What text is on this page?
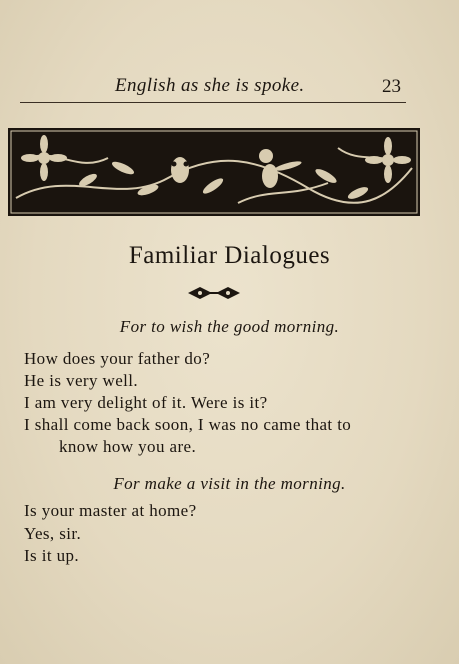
English as she is spoke.	23
Familiar Dialogues
For to wish the good morning.
How does your father do?
He is very well.
I am very delight of it. Were is it?
I shall come back soon, I was no came that to
know how you are.
For make a visit in the morning.
Is your master at home?
Yes, sir.
Is it up.
